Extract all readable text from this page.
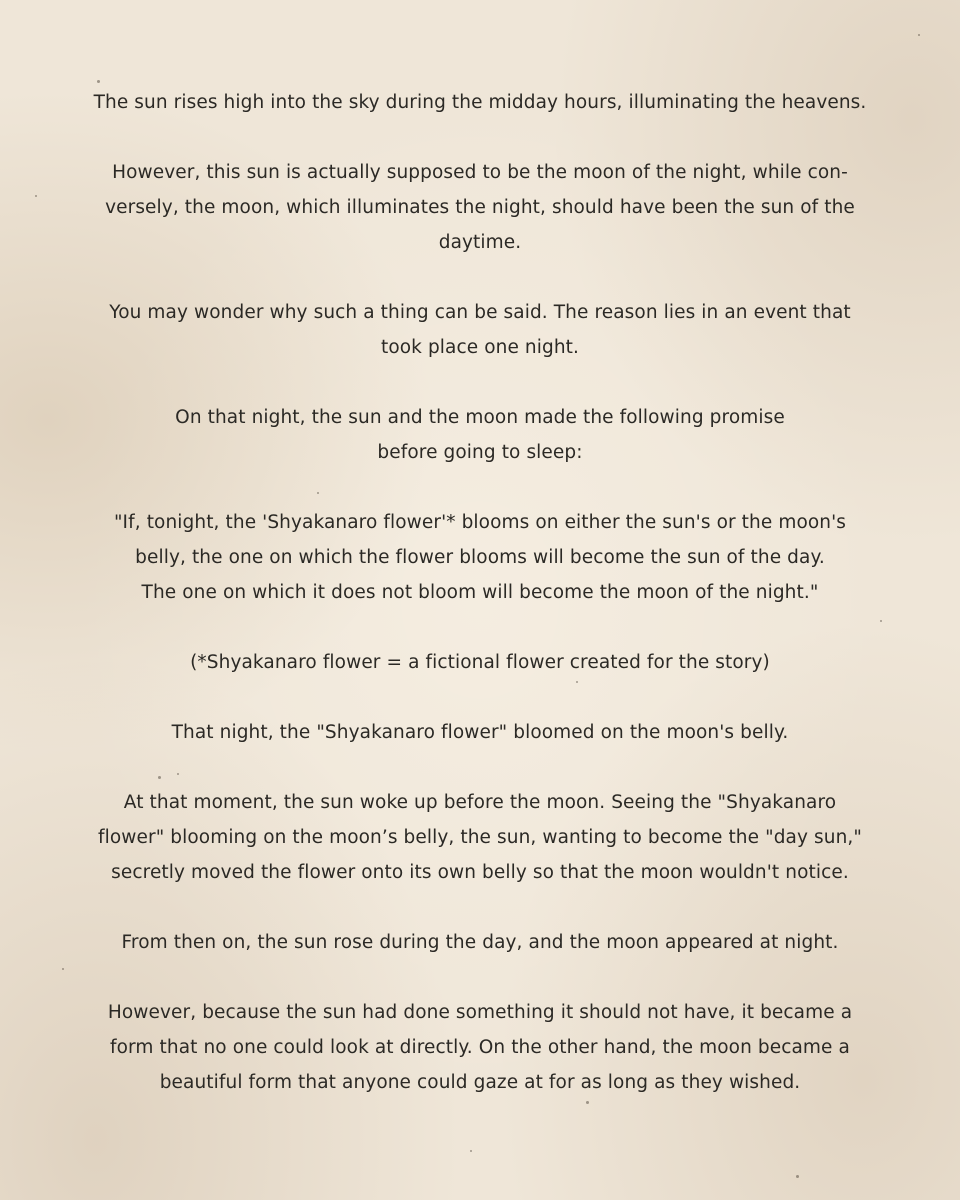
The sun rises high into the sky during the midday hours, illuminating the heavens.

However, this sun is actually supposed to be the moon of the night, while con-
versely, the moon, which illuminates the night, should have been the sun of the
daytime.

You may wonder why such a thing can be said. The reason lies in an event that
took place one night.

On that night, the sun and the moon made the following promise
before going to sleep:

"If, tonight, the 'Shyakanaro flower'* blooms on either the sun's or the moon's
belly, the one on which the flower blooms will become the sun of the day.
The one on which it does not bloom will become the moon of the night."

(*Shyakanaro flower = a fictional flower created for the story)

That night, the "Shyakanaro flower" bloomed on the moon's belly.

At that moment, the sun woke up before the moon. Seeing the "Shyakanaro
flower" blooming on the moon’s belly, the sun, wanting to become the "day sun,"
secretly moved the flower onto its own belly so that the moon wouldn't notice.

From then on, the sun rose during the day, and the moon appeared at night.

However, because the sun had done something it should not have, it became a
form that no one could look at directly. On the other hand, the moon became a
beautiful form that anyone could gaze at for as long as they wished.
